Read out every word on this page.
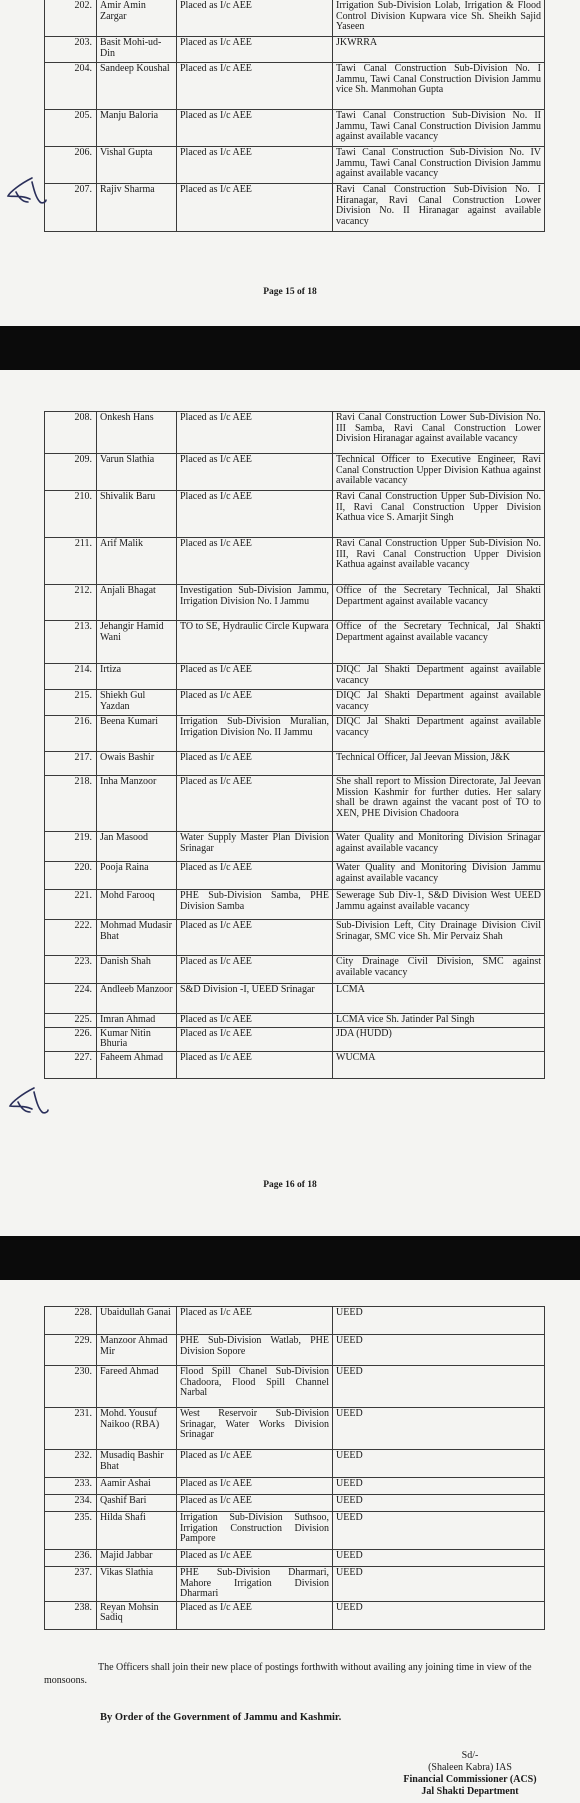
202.	Amir Amin Zargar	Placed as I/c AEE	Irrigation Sub-Division Lolab, Irrigation & Flood Control Division Kupwara vice Sh. Sheikh Sajid Yaseen
203.	Basit Mohi-ud-Din	Placed as I/c AEE	JKWRRA
204.	Sandeep Koushal	Placed as I/c AEE	Tawi Canal Construction Sub-Division No. I Jammu, Tawi Canal Construction Division Jammu vice Sh. Manmohan Gupta
205.	Manju Baloria	Placed as I/c AEE	Tawi Canal Construction Sub-Division No. II Jammu, Tawi Canal Construction Division Jammu against available vacancy
206.	Vishal Gupta	Placed as I/c AEE	Tawi Canal Construction Sub-Division No. IV Jammu, Tawi Canal Construction Division Jammu against available vacancy
207.	Rajiv Sharma	Placed as I/c AEE	Ravi Canal Construction Sub-Division No. I Hiranagar, Ravi Canal Construction Lower Division No. II Hiranagar against available vacancy
Page 15 of 18
208.	Onkesh Hans	Placed as I/c AEE	Ravi Canal Construction Lower Sub-Division No. III Samba, Ravi Canal Construction Lower Division Hiranagar against available vacancy
209.	Varun Slathia	Placed as I/c AEE	Technical Officer to Executive Engineer, Ravi Canal Construction Upper Division Kathua against available vacancy
210.	Shivalik Baru	Placed as I/c AEE	Ravi Canal Construction Upper Sub-Division No. II, Ravi Canal Construction Upper Division Kathua vice S. Amarjit Singh
211.	Arif Malik	Placed as I/c AEE	Ravi Canal Construction Upper Sub-Division No. III, Ravi Canal Construction Upper Division Kathua against available vacancy
212.	Anjali Bhagat	Investigation Sub-Division Jammu, Irrigation Division No. I Jammu	Office of the Secretary Technical, Jal Shakti Department against available vacancy
213.	Jehangir Hamid Wani	TO to SE, Hydraulic Circle Kupwara	Office of the Secretary Technical, Jal Shakti Department against available vacancy
214.	Irtiza	Placed as I/c AEE	DIQC Jal Shakti Department against available vacancy
215.	Shiekh Gul Yazdan	Placed as I/c AEE	DIQC Jal Shakti Department against available vacancy
216.	Beena Kumari	Irrigation Sub-Division Muralian, Irrigation Division No. II Jammu	DIQC Jal Shakti Department against available vacancy
217.	Owais Bashir	Placed as I/c AEE	Technical Officer, Jal Jeevan Mission, J&K
218.	Inha Manzoor	Placed as I/c AEE	She shall report to Mission Directorate, Jal Jeevan Mission Kashmir for further duties. Her salary shall be drawn against the vacant post of TO to XEN, PHE Division Chadoora
219.	Jan Masood	Water Supply Master Plan Division Srinagar	Water Quality and Monitoring Division Srinagar against available vacancy
220.	Pooja Raina	Placed as I/c AEE	Water Quality and Monitoring Division Jammu against available vacancy
221.	Mohd Farooq	PHE Sub-Division Samba, PHE Division Samba	Sewerage Sub Div-1, S&D Division West UEED Jammu against available vacancy
222.	Mohmad Mudasir Bhat	Placed as I/c AEE	Sub-Division Left, City Drainage Division Civil Srinagar, SMC vice Sh. Mir Pervaiz Shah
223.	Danish Shah	Placed as I/c AEE	City Drainage Civil Division, SMC against available vacancy
224.	Andleeb Manzoor	S&D Division -I, UEED Srinagar	LCMA
225.	Imran Ahmad	Placed as I/c AEE	LCMA vice Sh. Jatinder Pal Singh
226.	Kumar Nitin Bhuria	Placed as I/c AEE	JDA (HUDD)
227.	Faheem Ahmad	Placed as I/c AEE	WUCMA
Page 16 of 18
228.	Ubaidullah Ganai	Placed as I/c AEE	UEED
229.	Manzoor Ahmad Mir	PHE Sub-Division Watlab, PHE Division Sopore	UEED
230.	Fareed Ahmad	Flood Spill Chanel Sub-Division Chadoora, Flood Spill Channel Narbal	UEED
231.	Mohd. Yousuf Naikoo (RBA)	West Reservoir Sub-Division Srinagar, Water Works Division Srinagar	UEED
232.	Musadiq Bashir Bhat	Placed as I/c AEE	UEED
233.	Aamir Ashai	Placed as I/c AEE	UEED
234.	Qashif Bari	Placed as I/c AEE	UEED
235.	Hilda Shafi	Irrigation Sub-Division Suthsoo, Irrigation Construction Division Pampore	UEED
236.	Majid Jabbar	Placed as I/c AEE	UEED
237.	Vikas Slathia	PHE Sub-Division Dharmari, Mahore Irrigation Division Dharmari	UEED
238.	Reyan Mohsin Sadiq	Placed as I/c AEE	UEED
The Officers shall join their new place of postings forthwith without availing any joining time in view of the monsoons.
By Order of the Government of Jammu and Kashmir.
Sd/-
(Shaleen Kabra) IAS
Financial Commissioner (ACS)
Jal Shakti Department
